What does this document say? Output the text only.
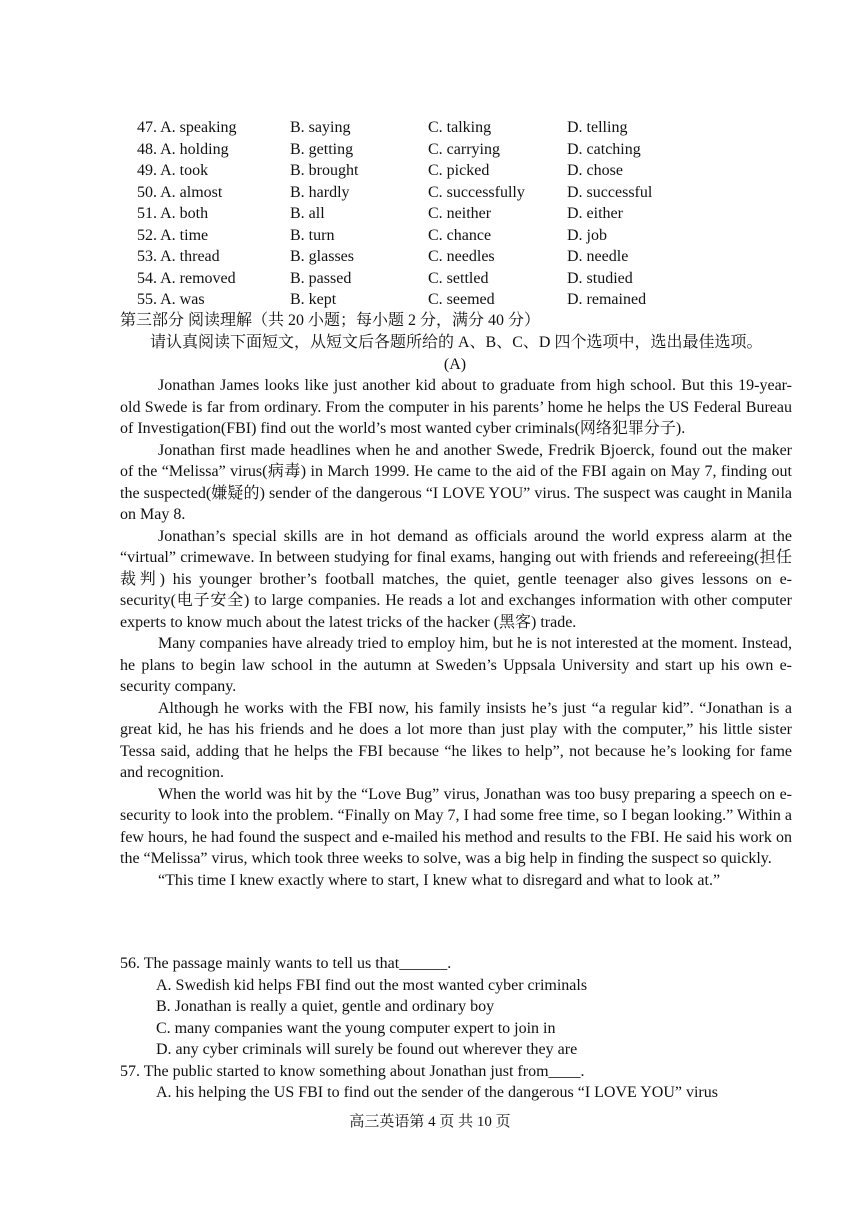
47. A. speaking	B. saying	C. talking	D. telling
48. A. holding	B. getting	C. carrying	D. catching
49. A. took	B. brought	C. picked	D. chose
50. A. almost	B. hardly	C. successfully	D. successful
51. A. both	B. all	C. neither	D. either
52. A. time	B. turn	C. chance	D. job
53. A. thread	B. glasses	C. needles	D. needle
54. A. removed	B. passed	C. settled	D. studied
55. A. was	B. kept	C. seemed	D. remained
第三部分 阅读理解（共 20 小题；每小题 2 分，满分 40 分）
请认真阅读下面短文，从短文后各题所给的 A、B、C、D 四个选项中，选出最佳选项。
(A)

Jonathan James looks like just another kid about to graduate from high school. But this 19-year-old Swede is far from ordinary. From the computer in his parents’ home he helps the US Federal Bureau of Investigation(FBI) find out the world’s most wanted cyber criminals(网络犯罪分子).

Jonathan first made headlines when he and another Swede, Fredrik Bjoerck, found out the maker of the “Melissa” virus(病毒) in March 1999. He came to the aid of the FBI again on May 7, finding out the suspected(嫌疑的) sender of the dangerous “I LOVE YOU” virus. The suspect was caught in Manila on May 8.

Jonathan’s special skills are in hot demand as officials around the world express alarm at the “virtual” crimewave. In between studying for final exams, hanging out with friends and refereeing(担任裁判) his younger brother’s football matches, the quiet, gentle teenager also gives lessons on e-security(电子安全) to large companies. He reads a lot and exchanges information with other computer experts to know much about the latest tricks of the hacker (黑客) trade.

Many companies have already tried to employ him, but he is not interested at the moment. Instead, he plans to begin law school in the autumn at Sweden’s Uppsala University and start up his own e-security company.

Although he works with the FBI now, his family insists he’s just “a regular kid”. “Jonathan is a great kid, he has his friends and he does a lot more than just play with the computer,” his little sister Tessa said, adding that he helps the FBI because “he likes to help”, not because he’s looking for fame and recognition.

When the world was hit by the “Love Bug” virus, Jonathan was too busy preparing a speech on e-security to look into the problem. “Finally on May 7, I had some free time, so I began looking.” Within a few hours, he had found the suspect and e-mailed his method and results to the FBI. He said his work on the “Melissa” virus, which took three weeks to solve, was a big help in finding the suspect so quickly.

“This time I knew exactly where to start, I knew what to disregard and what to look at.”

56. The passage mainly wants to tell us that______.
A. Swedish kid helps FBI find out the most wanted cyber criminals
B. Jonathan is really a quiet, gentle and ordinary boy
C. many companies want the young computer expert to join in
D. any cyber criminals will surely be found out wherever they are
57. The public started to know something about Jonathan just from____.
A. his helping the US FBI to find out the sender of the dangerous “I LOVE YOU” virus
高三英语第 4 页 共 10 页
